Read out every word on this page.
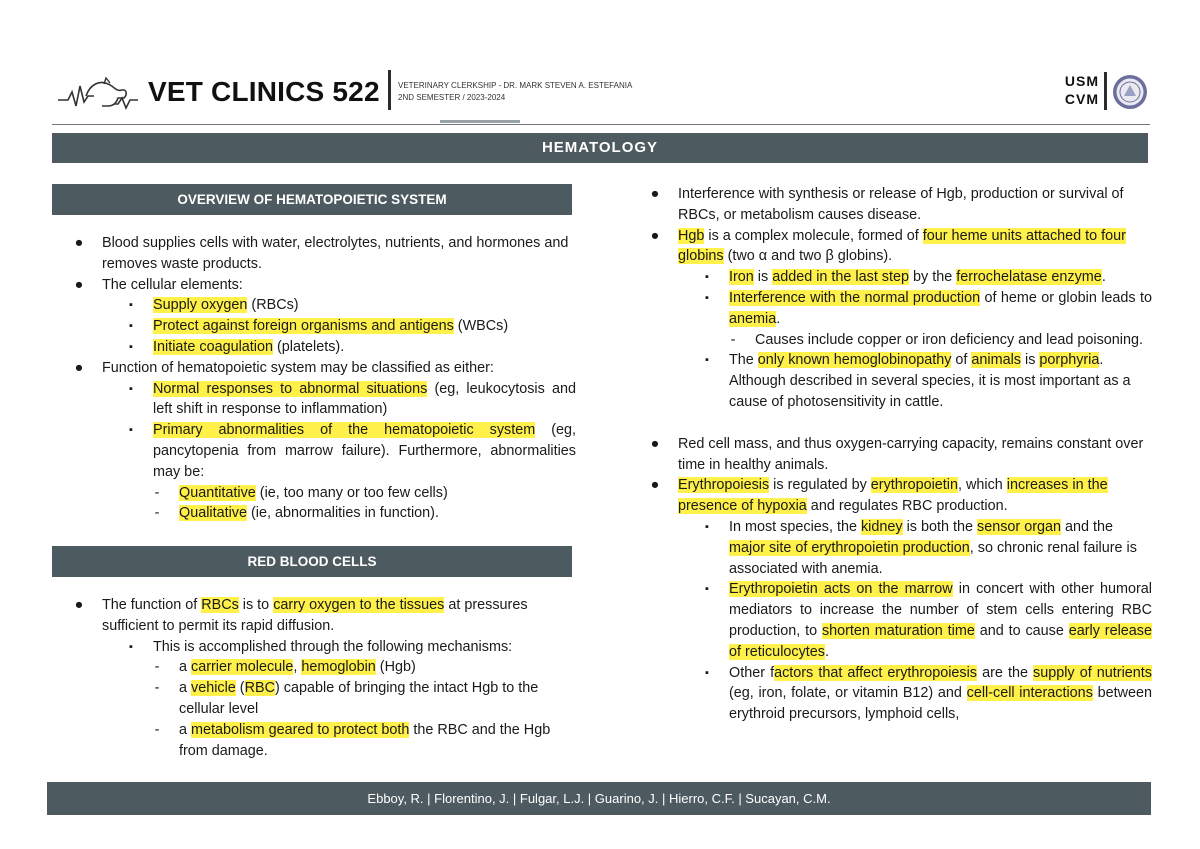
VET CLINICS 522 VETERINARY CLERKSHIP - DR. MARK STEVEN A. ESTEFANIA
2ND SEMESTER / 2023-2024
USM
CVM
HEMATOLOGY
OVERVIEW OF HEMATOPOIETIC SYSTEM
RED BLOOD CELLS
● Blood supplies cells with water, electrolytes, nutrients, and hormones and removes waste products.
● The cellular elements:
▪	Supply oxygen (RBCs)
▪	Protect against foreign organisms and antigens (WBCs)
▪	Initiate coagulation (platelets).
● Function of hematopoietic system may be classified as either:
▪	Normal responses to abnormal situations (eg, leukocytosis and left shift in response to inflammation)
▪	Primary abnormalities of the hematopoietic system (eg, pancytopenia from marrow failure). Furthermore, abnormalities may be:
-	Quantitative (ie, too many or too few cells)
-	Qualitative (ie, abnormalities in function).
● The function of RBCs is to carry oxygen to the tissues at pressures sufficient to permit its rapid diffusion.
▪	This is accomplished through the following mechanisms:
-	a carrier molecule, hemoglobin (Hgb)
-	a vehicle (RBC) capable of bringing the intact Hgb to the cellular level
-	a metabolism geared to protect both the RBC and the Hgb from damage.
● Interference with synthesis or release of Hgb, production or survival of RBCs, or metabolism causes disease.
● Hgb is a complex molecule, formed of four heme units attached to four globins (two α and two β globins).
▪	Iron is added in the last step by the ferrochelatase enzyme.
▪	Interference with the normal production of heme or globin leads to anemia.
-	Causes include copper or iron deficiency and lead poisoning.
▪	The only known hemoglobinopathy of animals is porphyria. Although described in several species, it is most important as a cause of photosensitivity in cattle.
● Red cell mass, and thus oxygen-carrying capacity, remains constant over time in healthy animals.
● Erythropoiesis is regulated by erythropoietin, which increases in the presence of hypoxia and regulates RBC production.
▪	In most species, the kidney is both the sensor organ and the major site of erythropoietin production, so chronic renal failure is associated with anemia.
▪	Erythropoietin acts on the marrow in concert with other humoral mediators to increase the number of stem cells entering RBC production, to shorten maturation time and to cause early release of reticulocytes.
▪	Other factors that affect erythropoiesis are the supply of nutrients (eg, iron, folate, or vitamin B12) and cell-cell interactions between erythroid precursors, lymphoid cells,
Ebboy, R. | Florentino, J. | Fulgar, L.J. | Guarino, J. | Hierro, C.F. | Sucayan, C.M.
